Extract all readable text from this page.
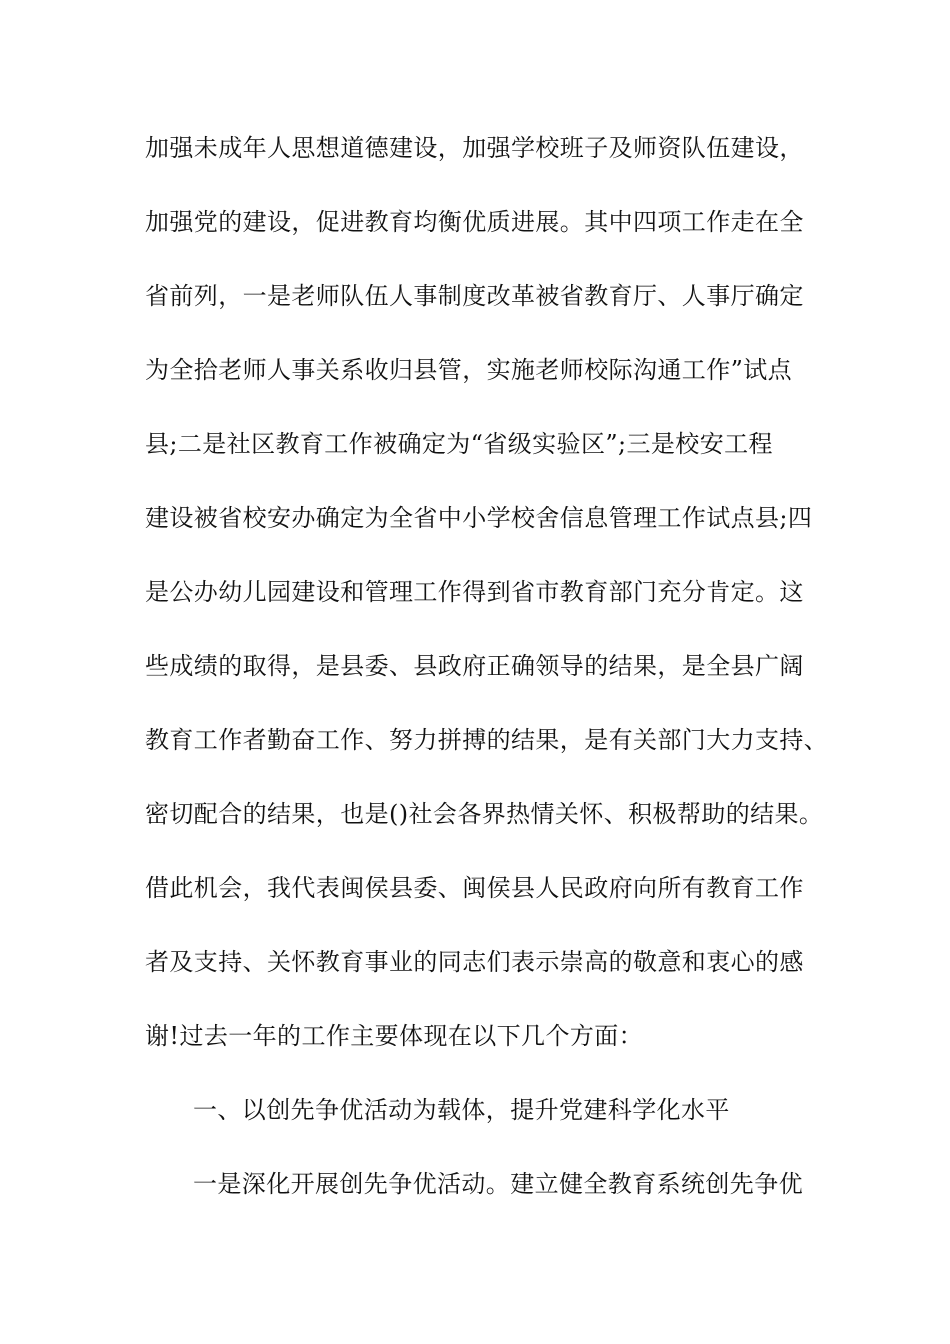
加强未成年人思想道德建设，加强学校班子及师资队伍建设，
加强党的建设，促进教育均衡优质进展。其中四项工作走在全
省前列，一是老师队伍人事制度改革被省教育厅、人事厅确定
为全拾老师人事关系收归县管，实施老师校际沟通工作”试点
县;二是社区教育工作被确定为“省级实验区”;三是校安工程
建设被省校安办确定为全省中小学校舍信息管理工作试点县;四
是公办幼儿园建设和管理工作得到省市教育部门充分肯定。这
些成绩的取得，是县委、县政府正确领导的结果，是全县广阔
教育工作者勤奋工作、努力拼搏的结果，是有关部门大力支持、
密切配合的结果，也是()社会各界热情关怀、积极帮助的结果。
借此机会，我代表闽侯县委、闽侯县人民政府向所有教育工作
者及支持、关怀教育事业的同志们表示崇高的敬意和衷心的感
谢!过去一年的工作主要体现在以下几个方面：
一、以创先争优活动为载体，提升党建科学化水平
一是深化开展创先争优活动。建立健全教育系统创先争优
